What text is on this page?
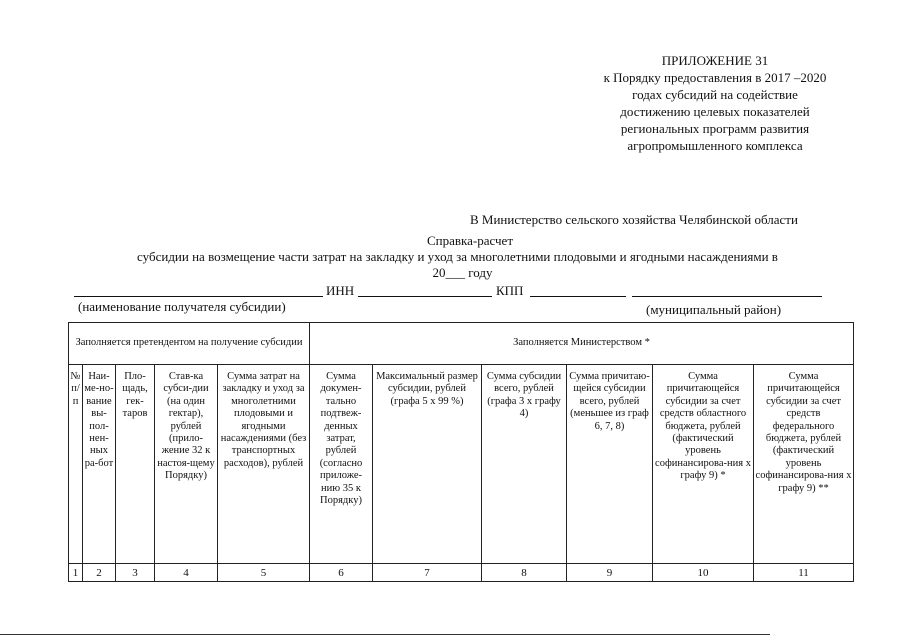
ПРИЛОЖЕНИЕ 31
к Порядку предоставления в 2017 –2020
годах субсидий на содействие
достижению целевых показателей
региональных программ развития
агропромышленного комплекса
В Министерство сельского хозяйства Челябинской области
Справка-расчет
субсидии на возмещение части затрат на закладку и уход за многолетними плодовыми и ягодными насаждениями в
20___ году
ИНН	КПП
(наименование получателя субсидии)	(муниципальный район)
Заполняется претендентом на получение субсидии					Заполняется Министерством *					
№ п/п	Наи-ме-но-вание вы-пол-нен-ных ра-бот	Пло-щадь, гек-таров	Став-ка субси-дии (на один гектар), рублей (прило-жение 32 к настоя-щему Порядку)	Сумма затрат на закладку и уход за многолетними плодовыми и ягодными насаждениями (без транспортных расходов), рублей	Сумма докумен-тально подтвеж-денных затрат, рублей (согласно приложе-нию 35 к Порядку)	Максимальный размер субсидии, рублей (графа 5 х 99 %)	Сумма субсидии всего, рублей (графа 3 х графу 4)	Сумма причитаю-щейся субсидии всего, рублей (меньшее из граф 6, 7, 8)	Сумма причитающейся субсидии за счет средств областного бюджета, рублей (фактический уровень софинансирова-ния х графу 9) *	Сумма причитающейся субсидии за счет средств федерального бюджета, рублей (фактический уровень софинансирова-ния х графу 9) **
1	2	3	4	5	6	7	8	9	10	11
